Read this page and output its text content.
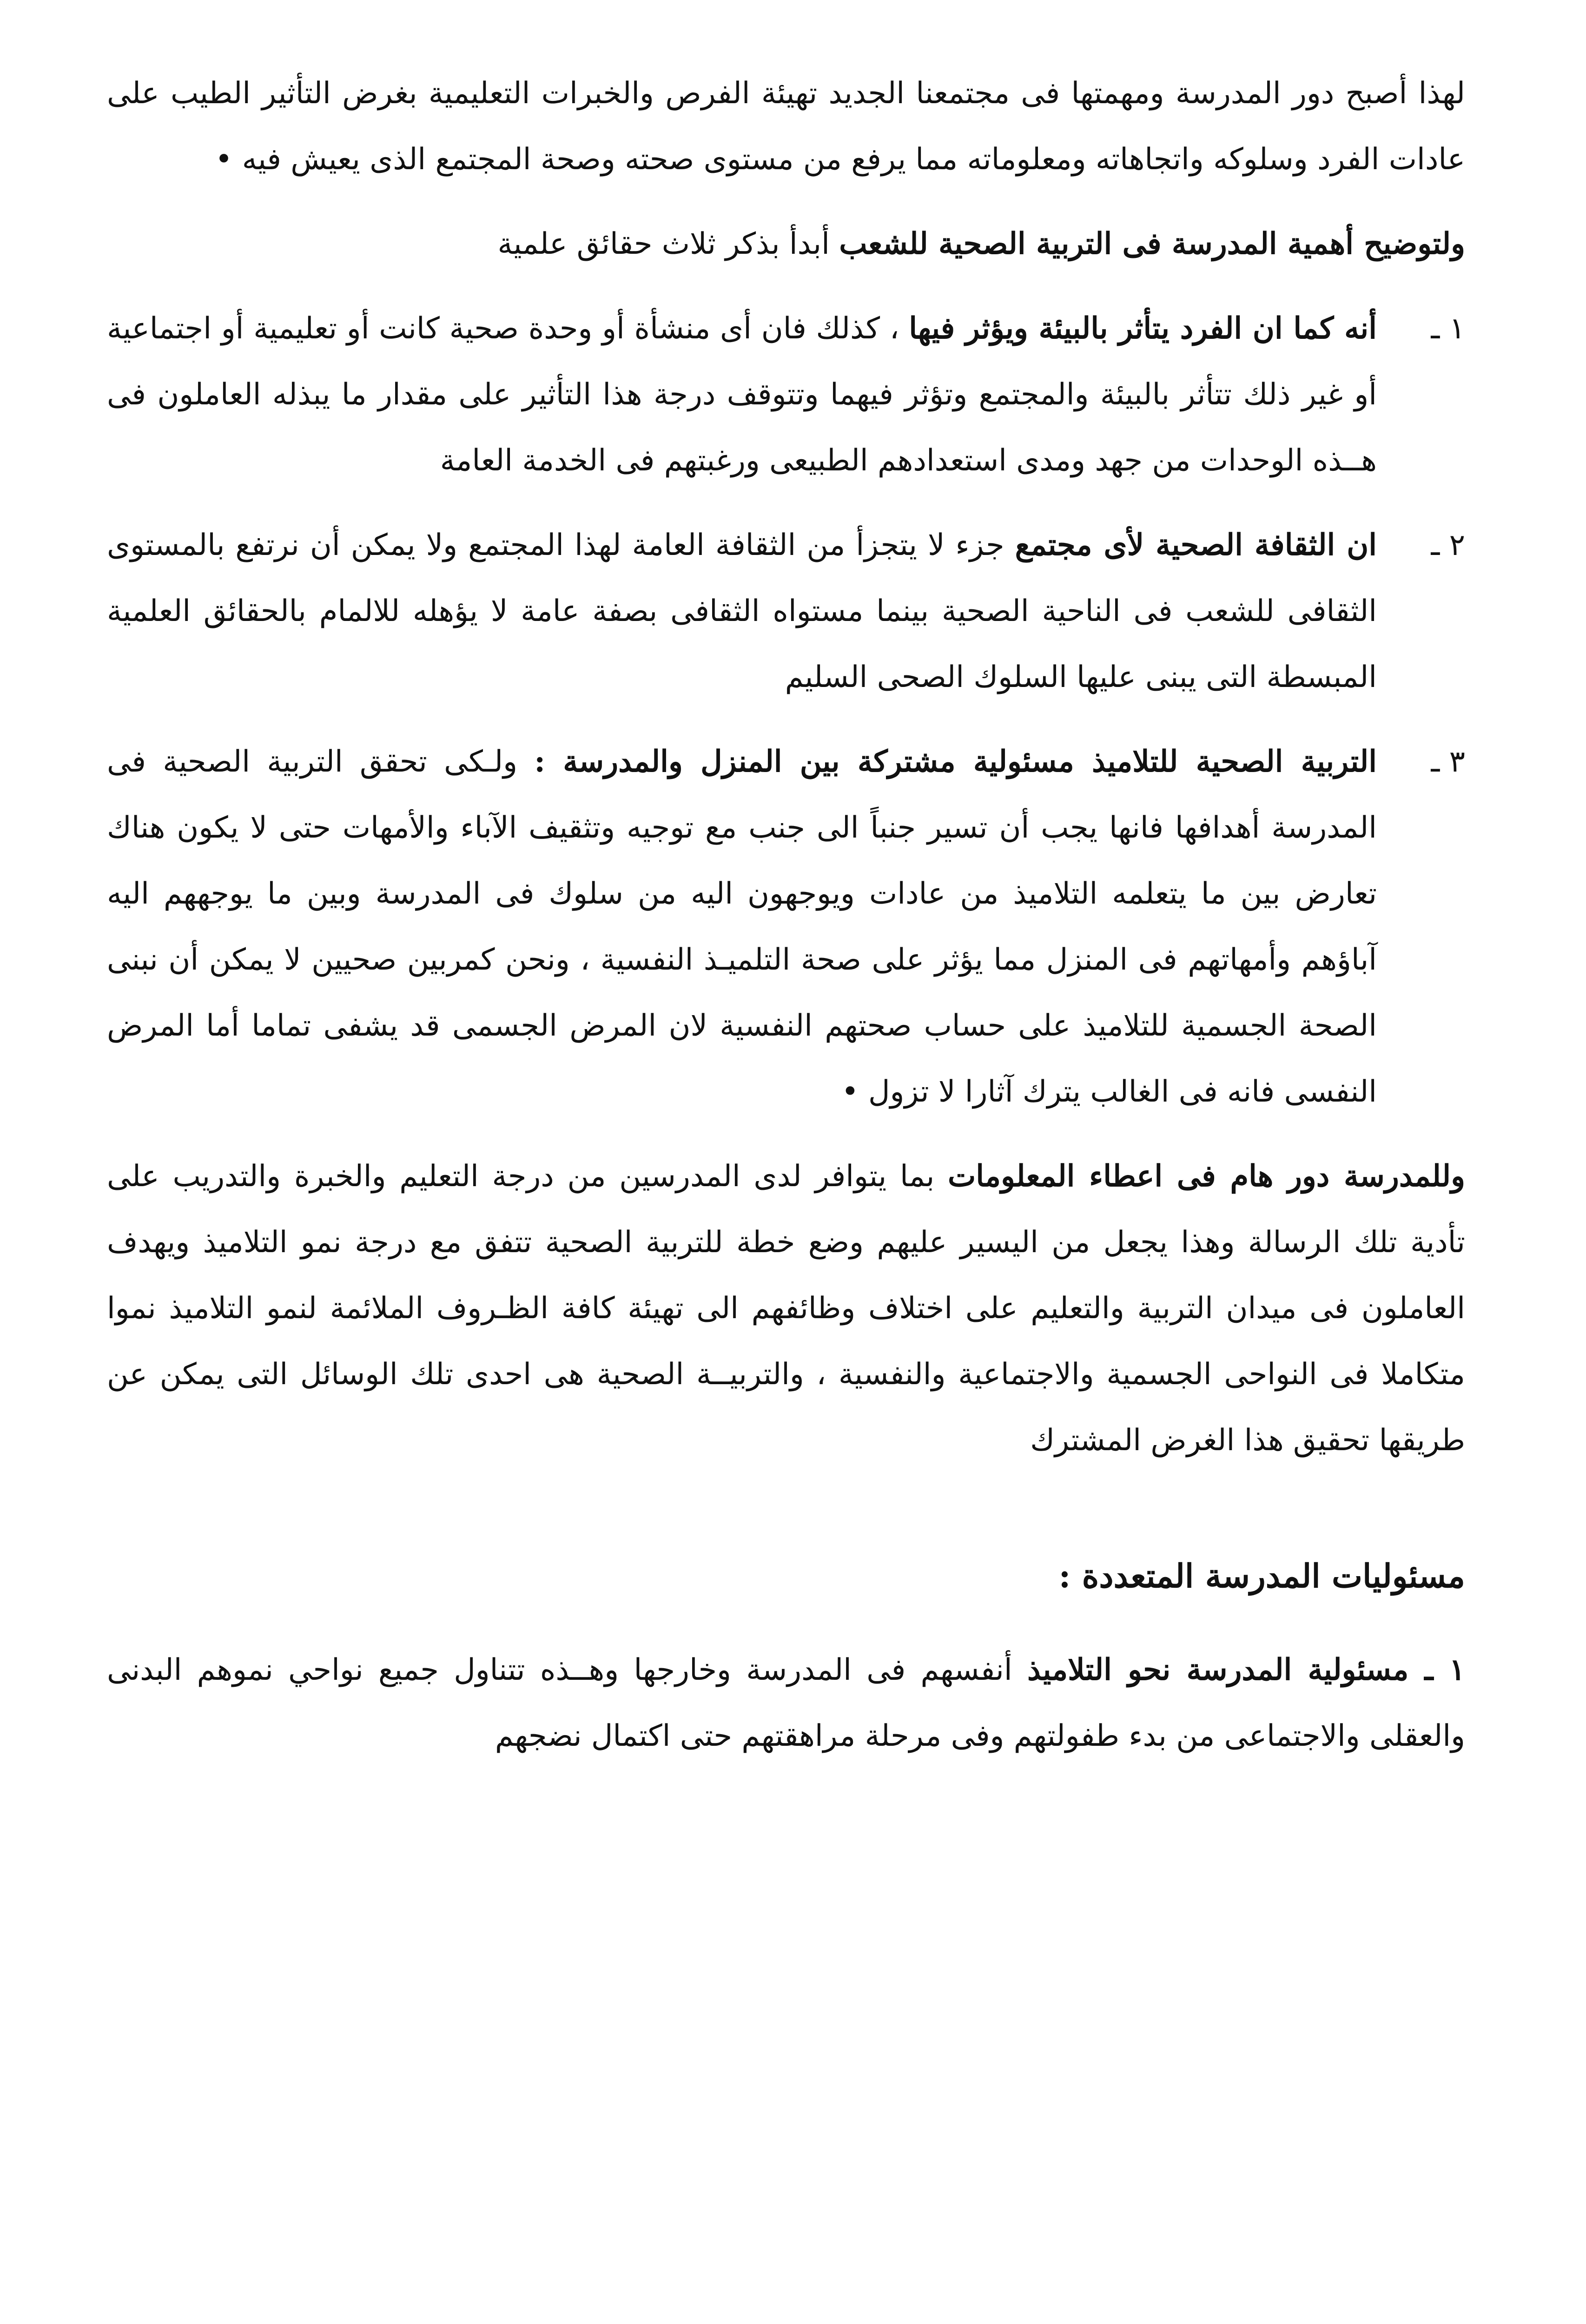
لهذا أصبح دور المدرسة ومهمتها فى مجتمعنا الجديد تهيئة الفرص والخبرات التعليمية بغرض التأثير الطيب على عادات الفرد وسلوكه واتجاهاته ومعلوماته مما يرفع من مستوى صحته وصحة المجتمع الذى يعيش فيه •

ولتوضيح أهمية المدرسة فى التربية الصحية للشعب أبدأ بذكر ثلاث حقائق علمية

١ ـ
أنه كما ان الفرد يتأثر بالبيئة ويؤثر فيها ، كذلك فان أى منشأة أو وحدة صحية كانت أو تعليمية أو اجتماعية أو غير ذلك تتأثر بالبيئة والمجتمع وتؤثر فيهما وتتوقف درجة هذا التأثير على مقدار ما يبذله العاملون فى هــذه الوحدات من جهد ومدى استعدادهم الطبيعى ورغبتهم فى الخدمة العامة
٢ ـ
ان الثقافة الصحية لأى مجتمع جزء لا يتجزأ من الثقافة العامة لهذا المجتمع ولا يمكن أن نرتفع بالمستوى الثقافى للشعب فى الناحية الصحية بينما مستواه الثقافى بصفة عامة لا يؤهله للالمام بالحقائق العلمية المبسطة التى يبنى عليها السلوك الصحى السليم
٣ ـ
التربية الصحية للتلاميذ مسئولية مشتركة بين المنزل والمدرسة : ولـكى تحقق التربية الصحية فى المدرسة أهدافها فانها يجب أن تسير جنباً الى جنب مع توجيه وتثقيف الآباء والأمهات حتى لا يكون هناك تعارض بين ما يتعلمه التلاميذ من عادات ويوجهون اليه من سلوك فى المدرسة وبين ما يوجههم اليه آباؤهم وأمهاتهم فى المنزل مما يؤثر على صحة التلميـذ النفسية ، ونحن كمربين صحيين لا يمكن أن نبنى الصحة الجسمية للتلاميذ على حساب صحتهم النفسية لان المرض الجسمى قد يشفى تماما أما المرض النفسى فانه فى الغالب يترك آثارا لا تزول •

وللمدرسة دور هام فى اعطاء المعلومات بما يتوافر لدى المدرسين من درجة التعليم والخبرة والتدريب على تأدية تلك الرسالة وهذا يجعل من اليسير عليهم وضع خطة للتربية الصحية تتفق مع درجة نمو التلاميذ ويهدف العاملون فى ميدان التربية والتعليم على اختلاف وظائفهم الى تهيئة كافة الظـروف الملائمة لنمو التلاميذ نموا متكاملا فى النواحى الجسمية والاجتماعية والنفسية ، والتربيــة الصحية هى احدى تلك الوسائل التى يمكن عن طريقها تحقيق هذا الغرض المشترك

مسئوليات المدرسة المتعددة :

١ ـ مسئولية المدرسة نحو التلاميذ أنفسهم فى المدرسة وخارجها وهــذه تتناول جميع نواحي نموهم البدنى والعقلى والاجتماعى من بدء طفولتهم وفى مرحلة مراهقتهم حتى اكتمال نضجهم
